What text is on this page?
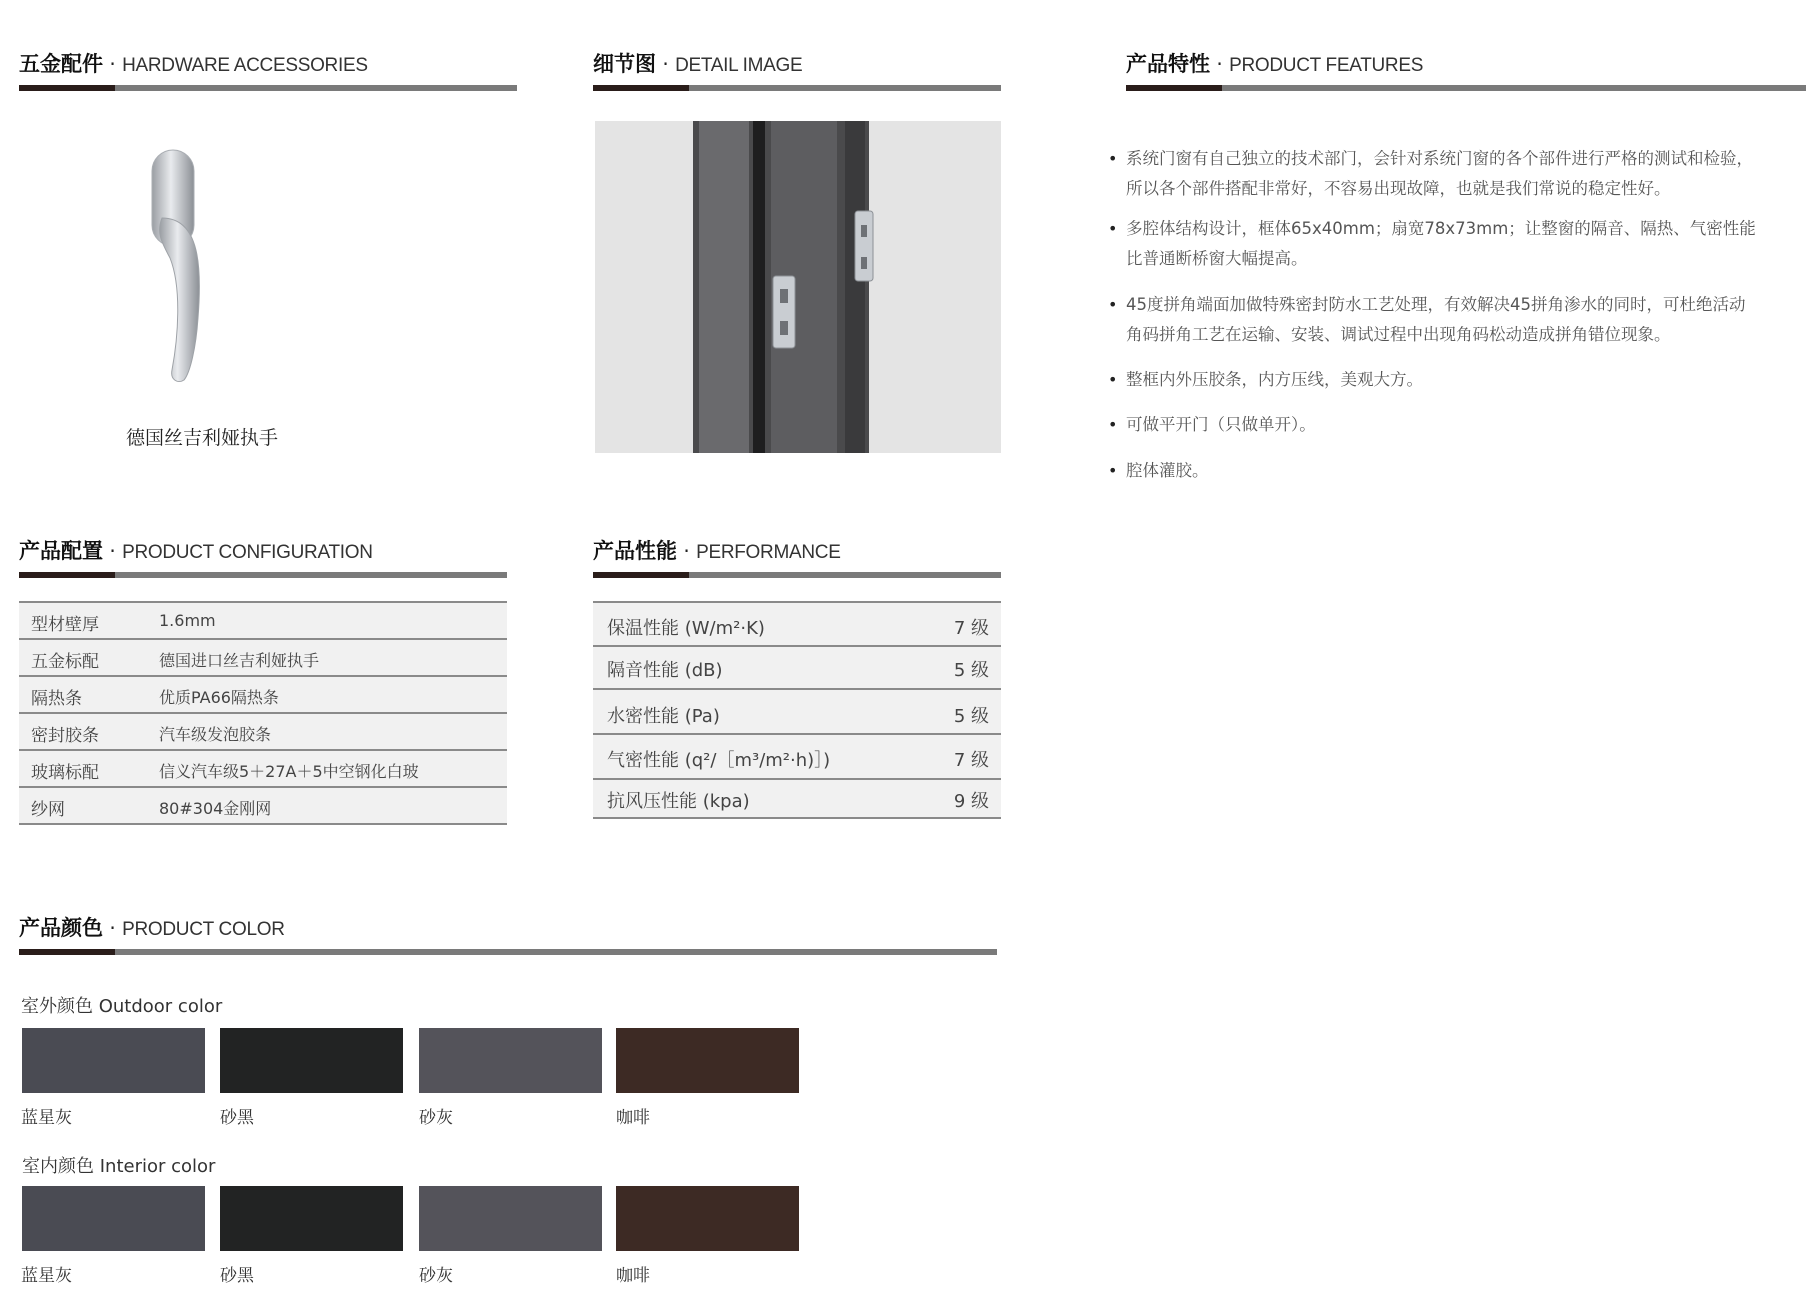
五金配件 · HARDWARE ACCESSORIES
德国丝吉利娅执手
细节图 · DETAIL IMAGE	产品特性 · PRODUCT FEATURES
• 系统门窗有自己独立的技术部门，会针对系统门窗的各个部件进行严格的测试和检验，
所以各个部件搭配非常好，不容易出现故障，也就是我们常说的稳定性好。
• 多腔体结构设计，框体65x40mm；扇宽78x73mm；让整窗的隔音、隔热、气密性能
比普通断桥窗大幅提高。
• 45度拼角端面加做特殊密封防水工艺处理，有效解决45拼角渗水的同时，可杜绝活动
角码拼角工艺在运输、安装、调试过程中出现角码松动造成拼角错位现象。
• 整框内外压胶条，内方压线，美观大方。
• 可做平开门（只做单开）。
• 腔体灌胶。
产品配置 · PRODUCT CONFIGURATION
型材壁厚	1.6mm
五金标配	德国进口丝吉利娅执手
隔热条	优质PA66隔热条
密封胶条	汽车级发泡胶条
玻璃标配	信义汽车级5＋27A＋5中空钢化白玻
纱网	80#304金刚网
产品性能 · PERFORMANCE
保温性能 (W/m²·K)	7 级
隔音性能 (dB)	5 级
水密性能 (Pa)	5 级
气密性能 (q²/［m³/m²·h)］)	7 级
抗风压性能 (kpa)	9 级
产品颜色 · PRODUCT COLOR
室外颜色 Outdoor color
蓝星灰	砂黑	砂灰	咖啡
室内颜色 Interior color
蓝星灰	砂黑	砂灰	咖啡
